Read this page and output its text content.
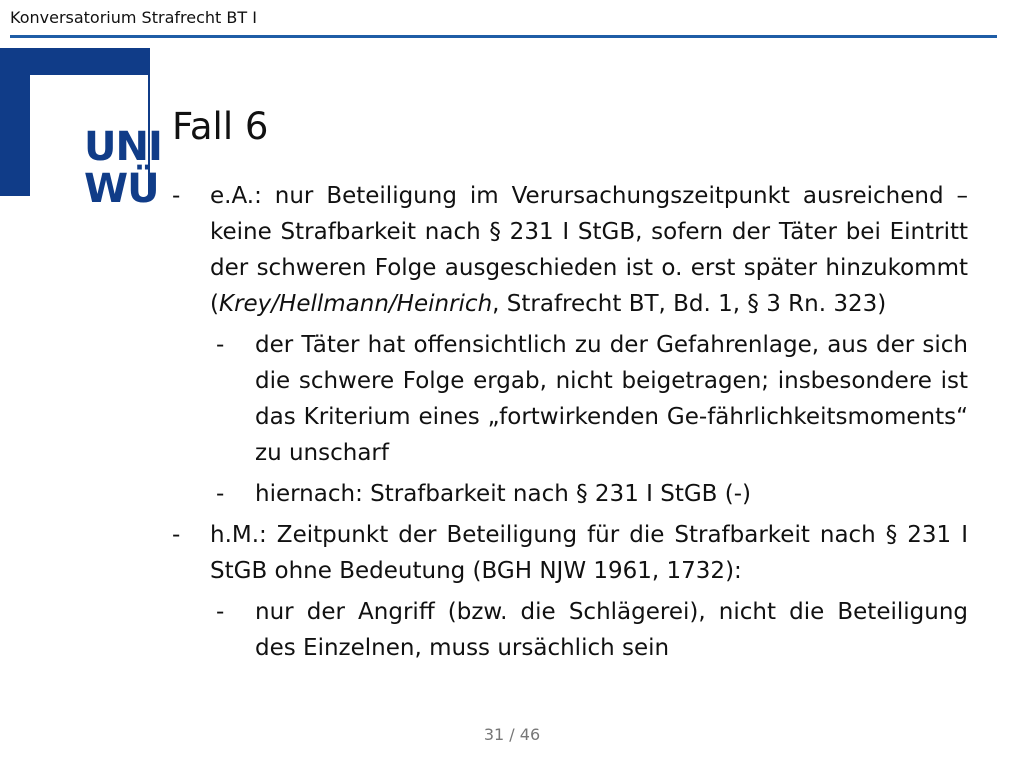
Konversatorium Strafrecht BT I
UNI
WÜ
Fall 6
- e.A.: nur Beteiligung im Verursachungszeitpunkt ausreichend – keine Strafbarkeit nach § 231 I StGB, sofern der Täter bei Eintritt der schweren Folge ausgeschieden ist o. erst später hinzukommt (Krey/Hellmann/Heinrich, Strafrecht BT, Bd. 1, § 3 Rn. 323)
- der Täter hat offensichtlich zu der Gefahrenlage, aus der sich die schwere Folge ergab, nicht beigetragen; insbesondere ist das Kriterium eines „fortwirkenden Ge-fährlichkeitsmoments“ zu unscharf
- hiernach: Strafbarkeit nach § 231 I StGB (-)
- h.M.: Zeitpunkt der Beteiligung für die Strafbarkeit nach § 231 I StGB ohne Bedeutung (BGH NJW 1961, 1732):
- nur der Angriff (bzw. die Schlägerei), nicht die Beteiligung des Einzelnen, muss ursächlich sein
31 / 46
